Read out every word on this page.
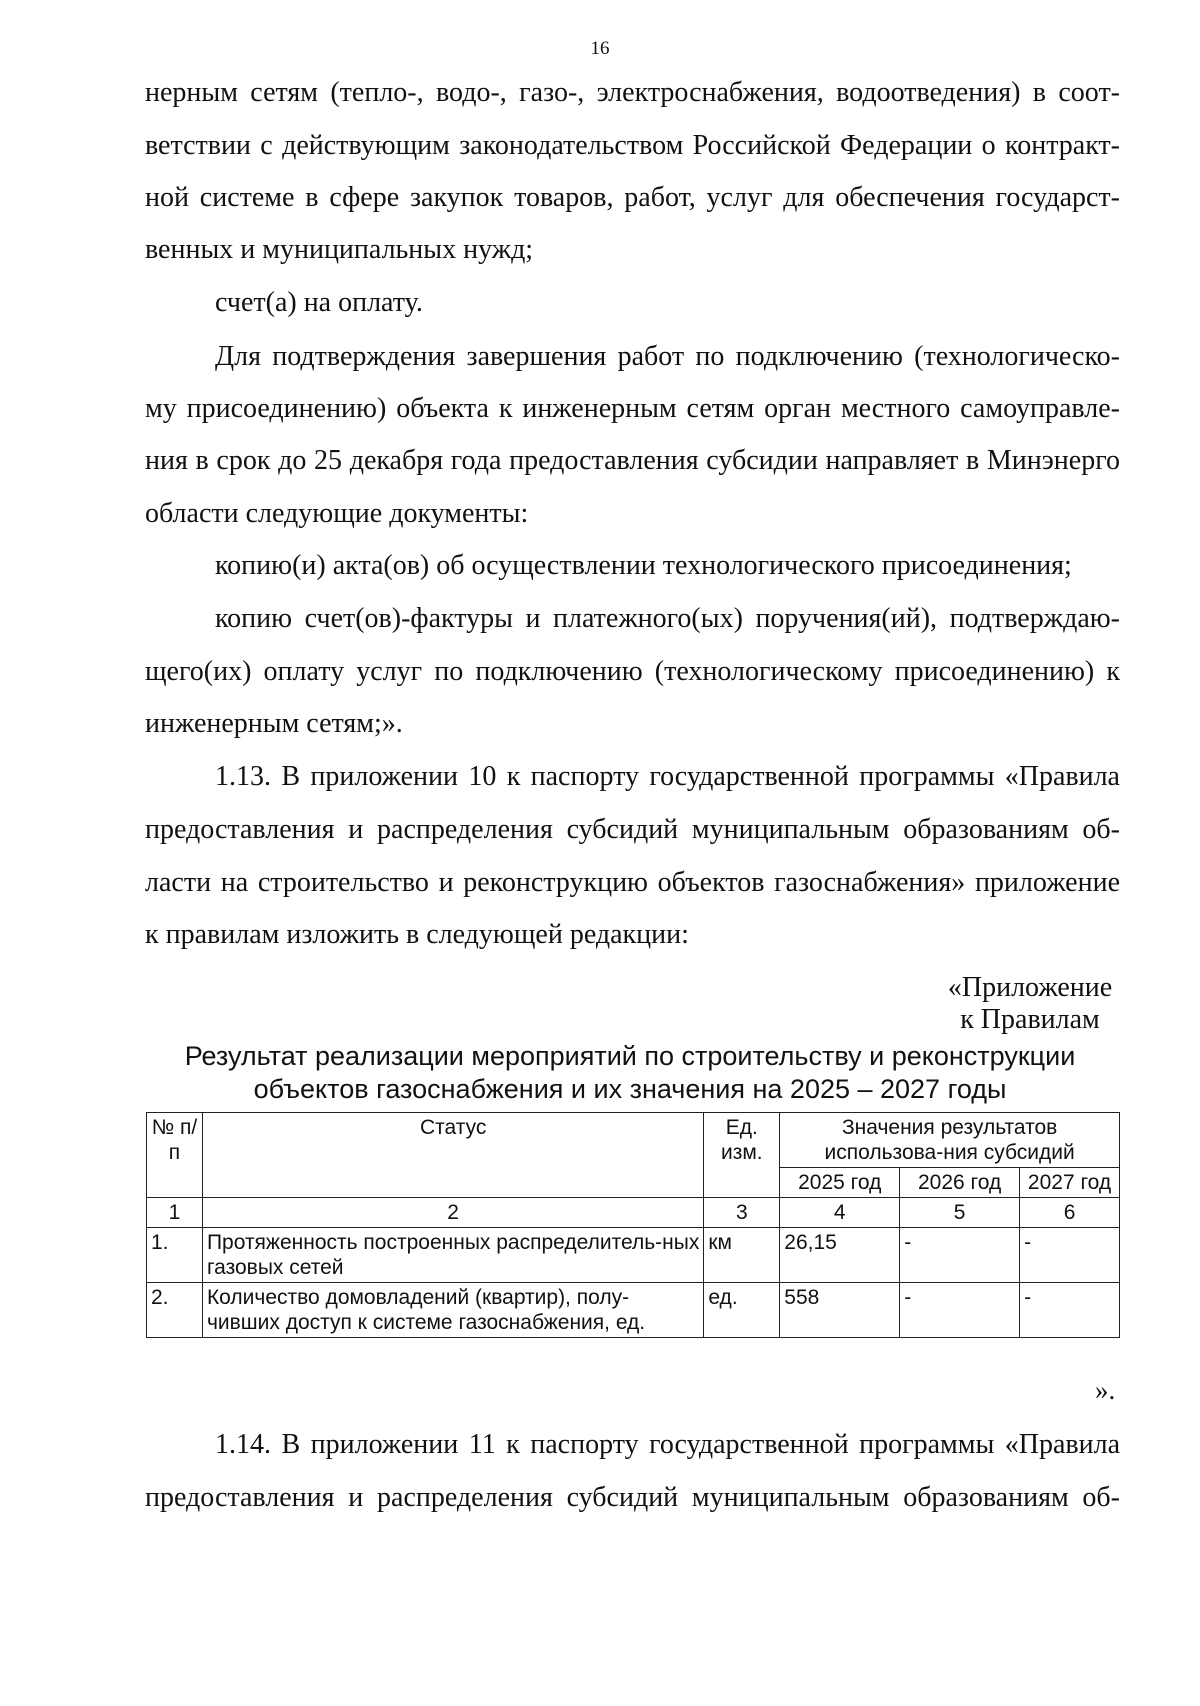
16
нерным сетям (тепло-, водо-, газо-, электроснабжения, водоотведения) в соот-
ветствии с действующим законодательством Российской Федерации о контракт-
ной системе в сфере закупок товаров, работ, услуг для обеспечения государст-
венных и муниципальных нужд;
счет(а) на оплату.
Для подтверждения завершения работ по подключению (технологическо-
му присоединению) объекта к инженерным сетям орган местного самоуправле-
ния в срок до 25 декабря года предоставления субсидии направляет в Минэнерго
области следующие документы:
копию(и) акта(ов) об осуществлении технологического присоединения;
копию счет(ов)-фактуры и платежного(ых) поручения(ий), подтверждаю-
щего(их) оплату услуг по подключению (технологическому присоединению) к
инженерным сетям;».
1.13. В приложении 10 к паспорту государственной программы «Правила
предоставления и распределения субсидий муниципальным образованиям об-
ласти на строительство и реконструкцию объектов газоснабжения» приложение
к правилам изложить в следующей редакции:
«Приложение
к Правилам
Результат реализации мероприятий по строительству и реконструкции
объектов газоснабжения и их значения на 2025 – 2027 годы
№ п/п	Статус	Ед. изм.	Значения результатов использова-ния субсидий		
			2025 год	2026 год	2027 год
1	2	3	4	5	6
1.	Протяженность построенных распределитель-ных газовых сетей	км	26,15	-	-
2.	Количество домовладений (квартир), полу-чивших доступ к системе газоснабжения, ед.	ед.	558	-	-
».
1.14. В приложении 11 к паспорту государственной программы «Правила
предоставления и распределения субсидий муниципальным образованиям об-
